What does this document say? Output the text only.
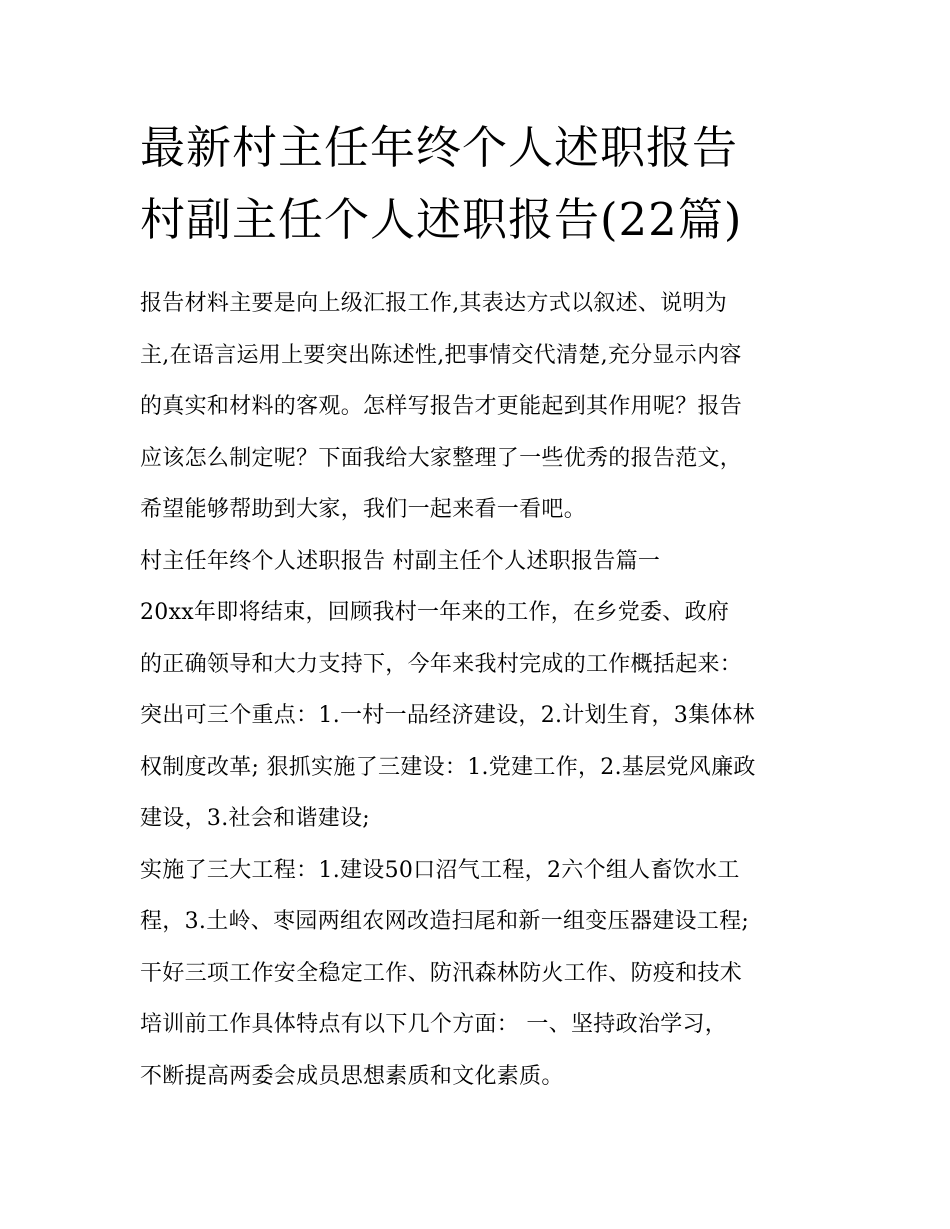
最新村主任年终个人述职报告
村副主任个人述职报告(22篇)
报告材料主要是向上级汇报工作,其表达方式以叙述、说明为
主,在语言运用上要突出陈述性,把事情交代清楚,充分显示内容
的真实和材料的客观。怎样写报告才更能起到其作用呢？报告
应该怎么制定呢？下面我给大家整理了一些优秀的报告范文，
希望能够帮助到大家，我们一起来看一看吧。
村主任年终个人述职报告 村副主任个人述职报告篇一
20xx年即将结束，回顾我村一年来的工作，在乡党委、政府
的正确领导和大力支持下，今年来我村完成的工作概括起来：
突出可三个重点：1.一村一品经济建设，2.计划生育，3集体林
权制度改革; 狠抓实施了三建设：1.党建工作，2.基层党风廉政
建设，3.社会和谐建设;
实施了三大工程：1.建设50口沼气工程，2六个组人畜饮水工
程，3.土岭、枣园两组农网改造扫尾和新一组变压器建设工程;
干好三项工作安全稳定工作、防汛森林防火工作、防疫和技术
培训前工作具体特点有以下几个方面： 一、坚持政治学习，
不断提高两委会成员思想素质和文化素质。
